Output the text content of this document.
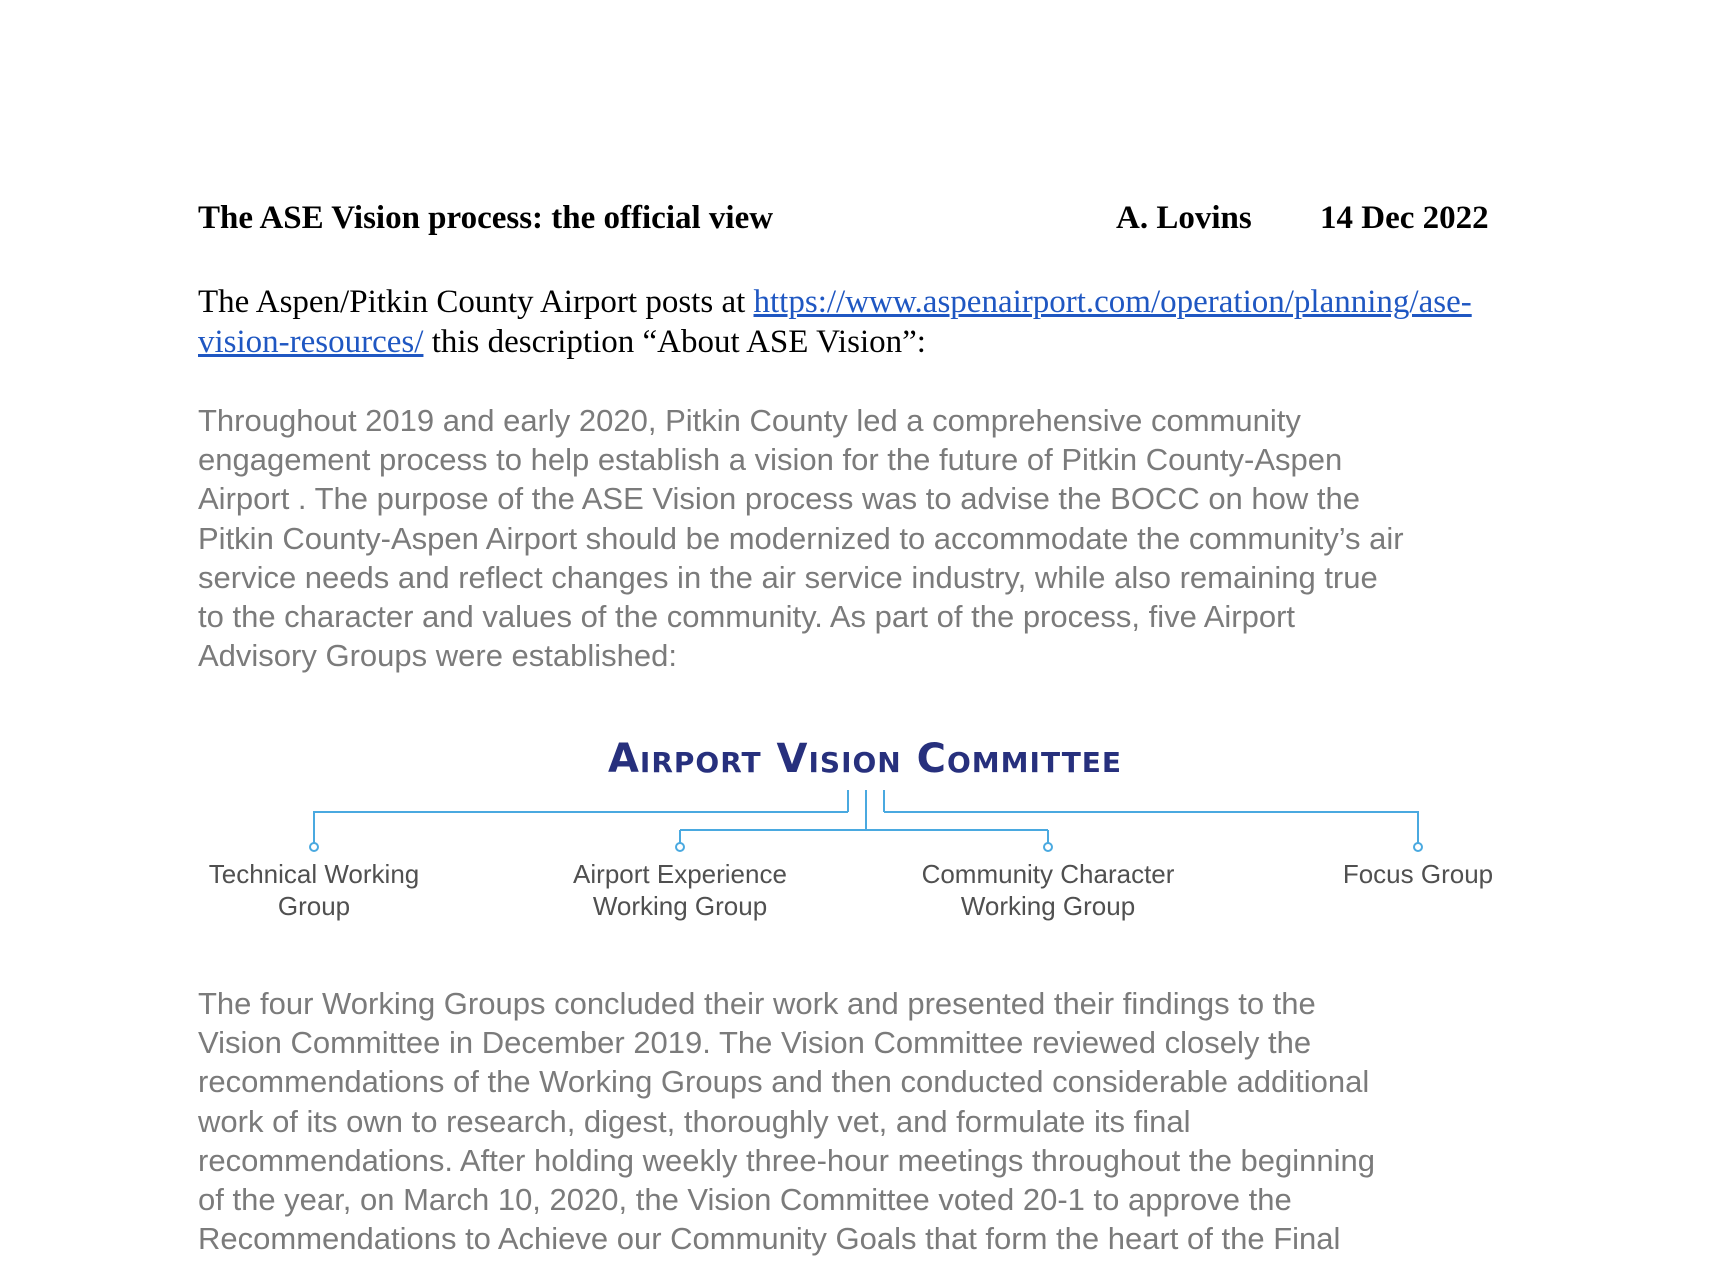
The ASE Vision process: the official view	A. Lovins 14 Dec 2022
The Aspen/Pitkin County Airport posts at https://www.aspenairport.com/operation/planning/ase-
vision-resources/ this description “About ASE Vision”:
Throughout 2019 and early 2020, Pitkin County led a comprehensive community
engagement process to help establish a vision for the future of Pitkin County-Aspen
Airport . The purpose of the ASE Vision process was to advise the BOCC on how the
Pitkin County-Aspen Airport should be modernized to accommodate the community’s air
service needs and reflect changes in the air service industry, while also remaining true
to the character and values of the community. As part of the process, five Airport
Advisory Groups were established:
Airport Vision Committee
Technical Working
Group
Airport Experience
Working Group
Community Character
Working Group
Focus Group
The four Working Groups concluded their work and presented their findings to the
Vision Committee in December 2019. The Vision Committee reviewed closely the
recommendations of the Working Groups and then conducted considerable additional
work of its own to research, digest, thoroughly vet, and formulate its final
recommendations. After holding weekly three-hour meetings throughout the beginning
of the year, on March 10, 2020, the Vision Committee voted 20-1 to approve the
Recommendations to Achieve our Community Goals that form the heart of the Final
